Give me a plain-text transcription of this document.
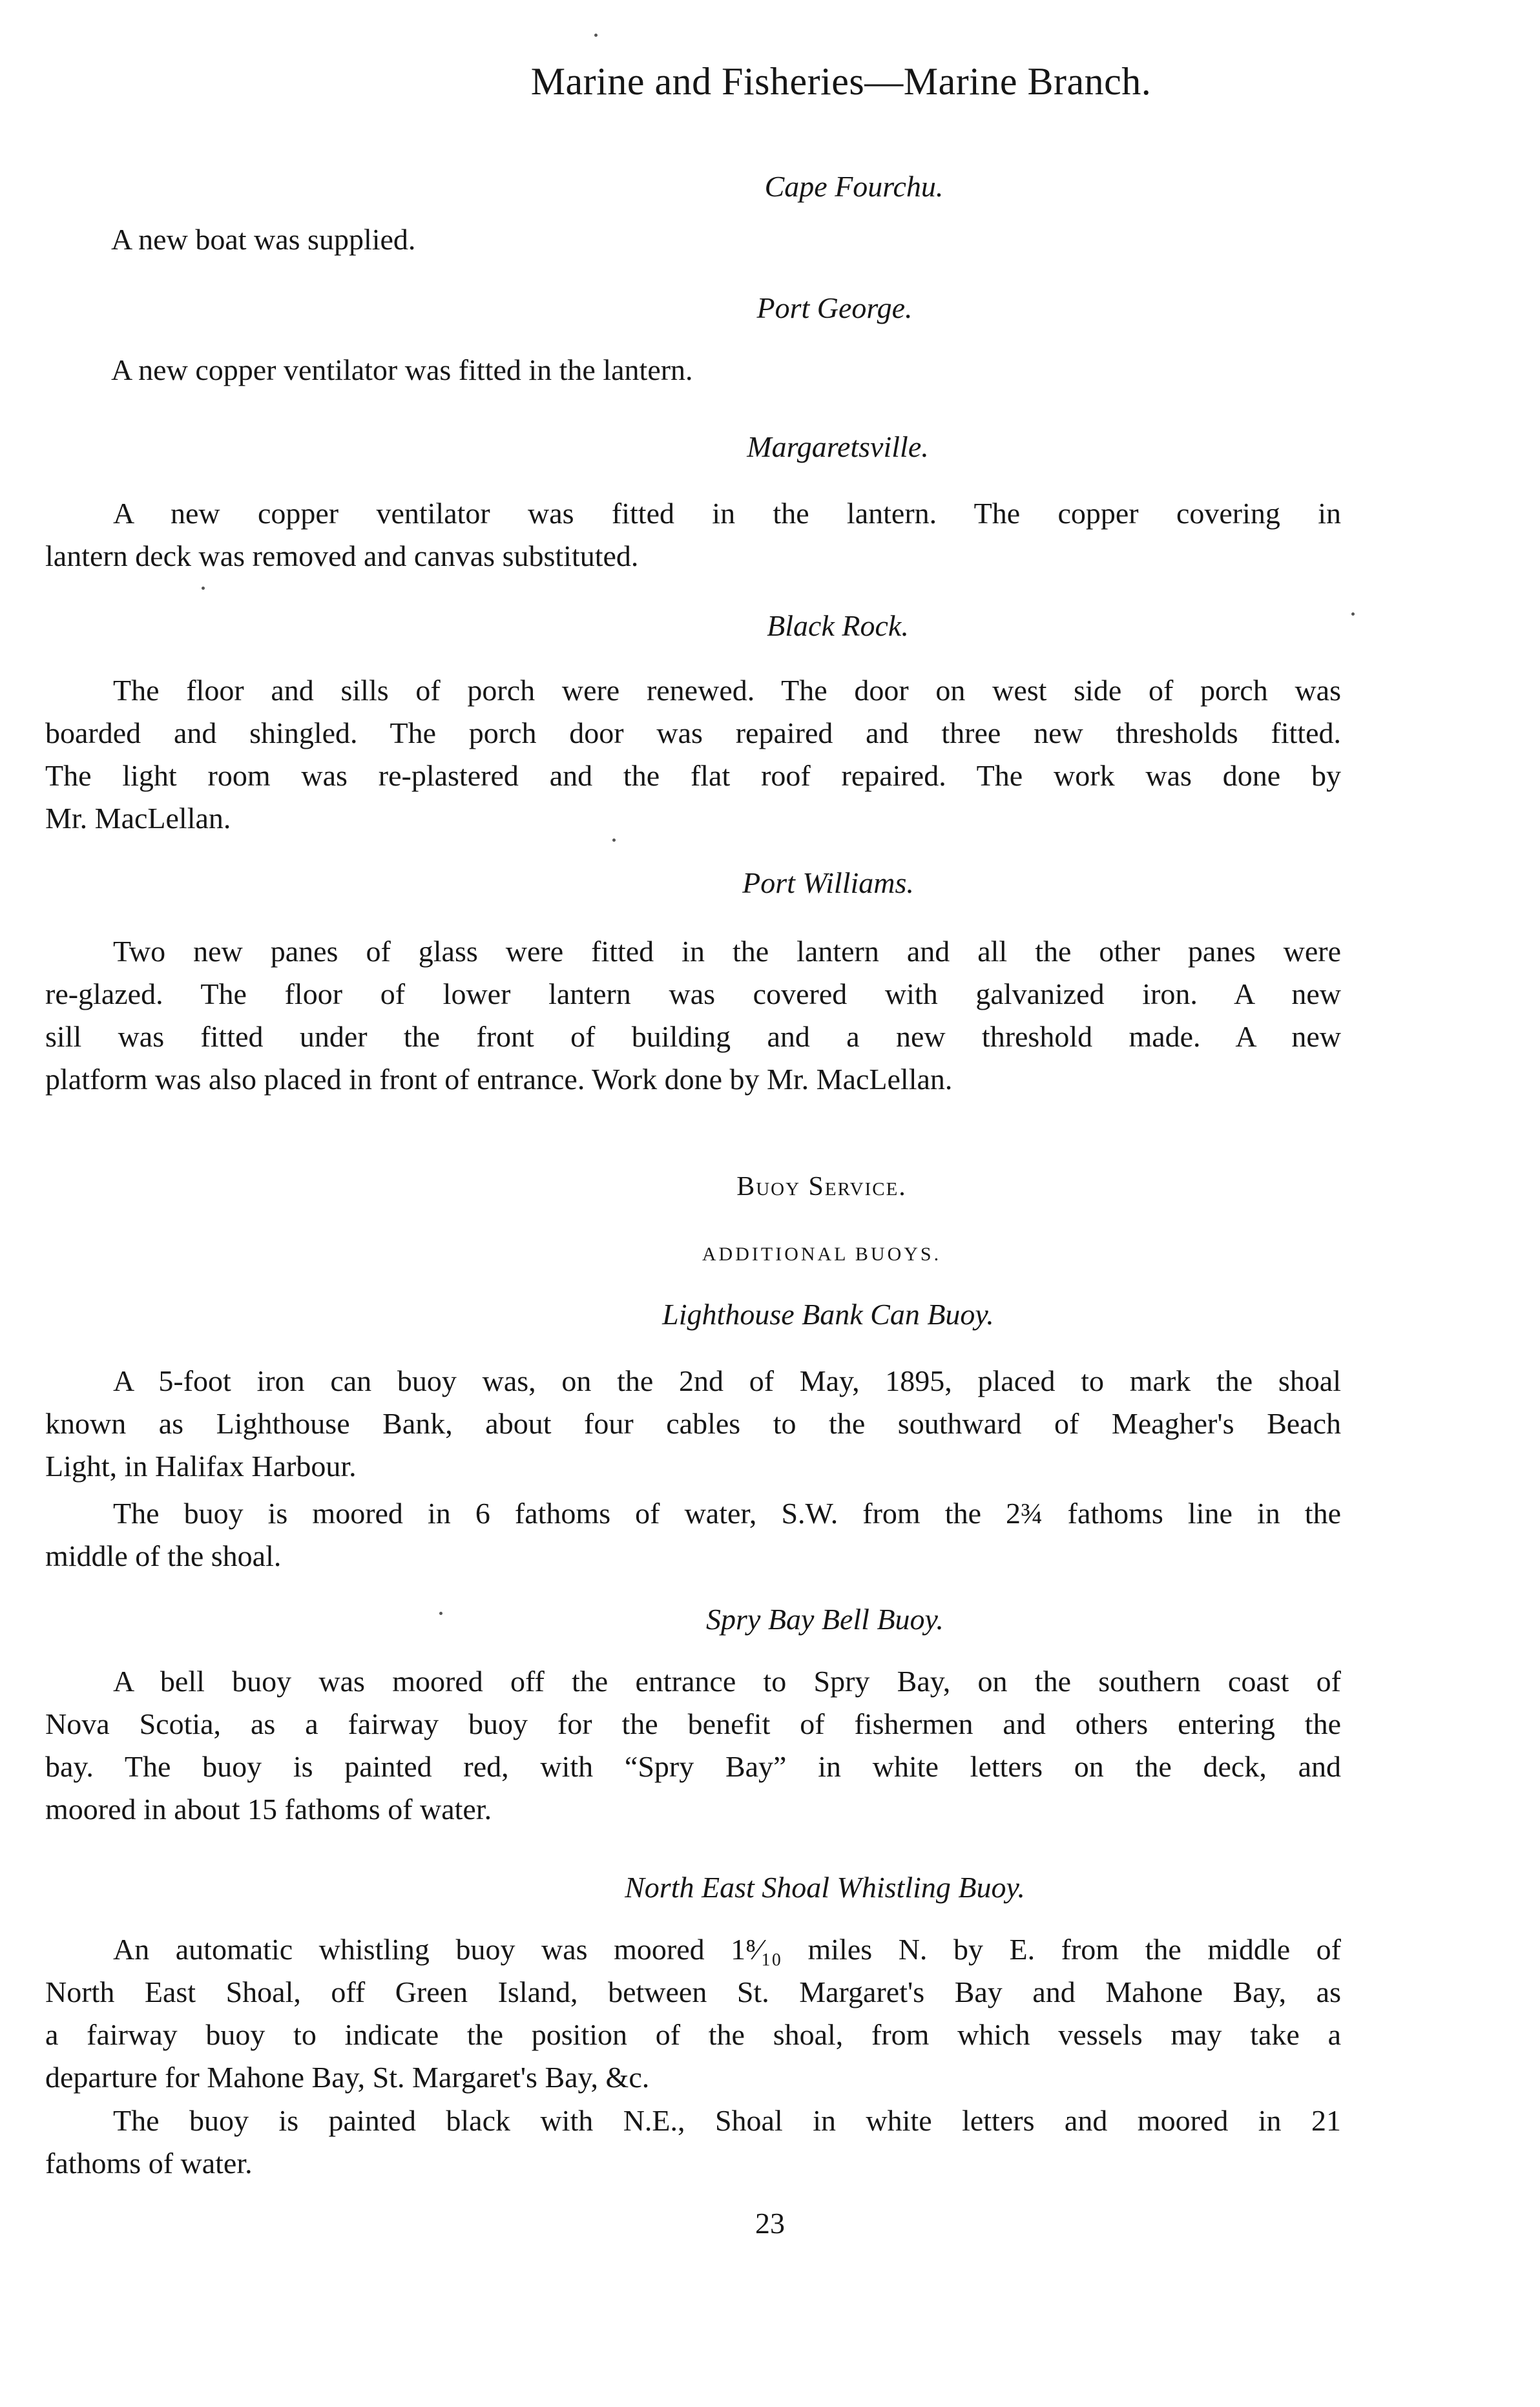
Marine and Fisheries—Marine Branch.
Cape Fourchu.
A new boat was supplied.
Port George.
A new copper ventilator was fitted in the lantern.
Margaretsville.
A new copper ventilator was fitted in the lantern. The copper covering in
lantern deck was removed and canvas substituted.
Black Rock.
The floor and sills of porch were renewed. The door on west side of porch was
boarded and shingled. The porch door was repaired and three new thresholds fitted.
The light room was re-plastered and the flat roof repaired. The work was done by
Mr. MacLellan.
Port Williams.
Two new panes of glass were fitted in the lantern and all the other panes were
re-glazed. The floor of lower lantern was covered with galvanized iron. A new
sill was fitted under the front of building and a new threshold made. A new
platform was also placed in front of entrance. Work done by Mr. MacLellan.
Buoy Service.
ADDITIONAL BUOYS.
Lighthouse Bank Can Buoy.
A 5-foot iron can buoy was, on the 2nd of May, 1895, placed to mark the shoal
known as Lighthouse Bank, about four cables to the southward of Meagher's Beach
Light, in Halifax Harbour.
The buoy is moored in 6 fathoms of water, S.W. from the 2¾ fathoms line in the
middle of the shoal.
Spry Bay Bell Buoy.
A bell buoy was moored off the entrance to Spry Bay, on the southern coast of
Nova Scotia, as a fairway buoy for the benefit of fishermen and others entering the
bay. The buoy is painted red, with “Spry Bay” in white letters on the deck, and
moored in about 15 fathoms of water.
North East Shoal Whistling Buoy.
An automatic whistling buoy was moored 1⁸⁄₁₀ miles N. by E. from the middle of
North East Shoal, off Green Island, between St. Margaret's Bay and Mahone Bay, as
a fairway buoy to indicate the position of the shoal, from which vessels may take a
departure for Mahone Bay, St. Margaret's Bay, &c.
The buoy is painted black with N.E., Shoal in white letters and moored in 21
fathoms of water.
23
